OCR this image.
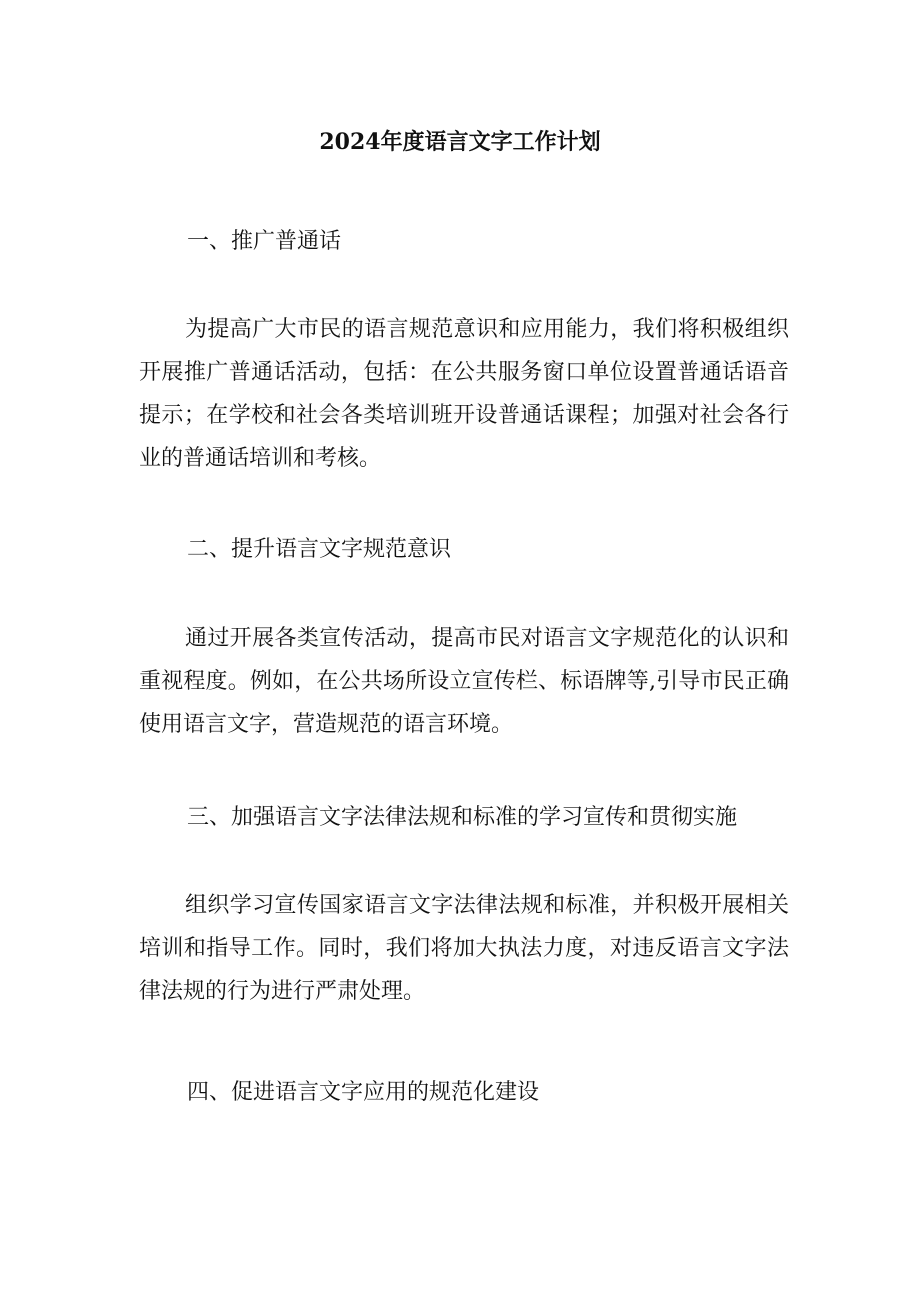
2024年度语言文字工作计划
一、推广普通话

为提高广大市民的语言规范意识和应用能力，我们将积极组织开展推广普通话活动，包括：在公共服务窗口单位设置普通话语音提示；在学校和社会各类培训班开设普通话课程；加强对社会各行业的普通话培训和考核。

二、提升语言文字规范意识

通过开展各类宣传活动，提高市民对语言文字规范化的认识和重视程度。例如，在公共场所设立宣传栏、标语牌等,引导市民正确使用语言文字，营造规范的语言环境。

三、加强语言文字法律法规和标准的学习宣传和贯彻实施

组织学习宣传国家语言文字法律法规和标准，并积极开展相关培训和指导工作。同时，我们将加大执法力度，对违反语言文字法律法规的行为进行严肃处理。

四、促进语言文字应用的规范化建设
